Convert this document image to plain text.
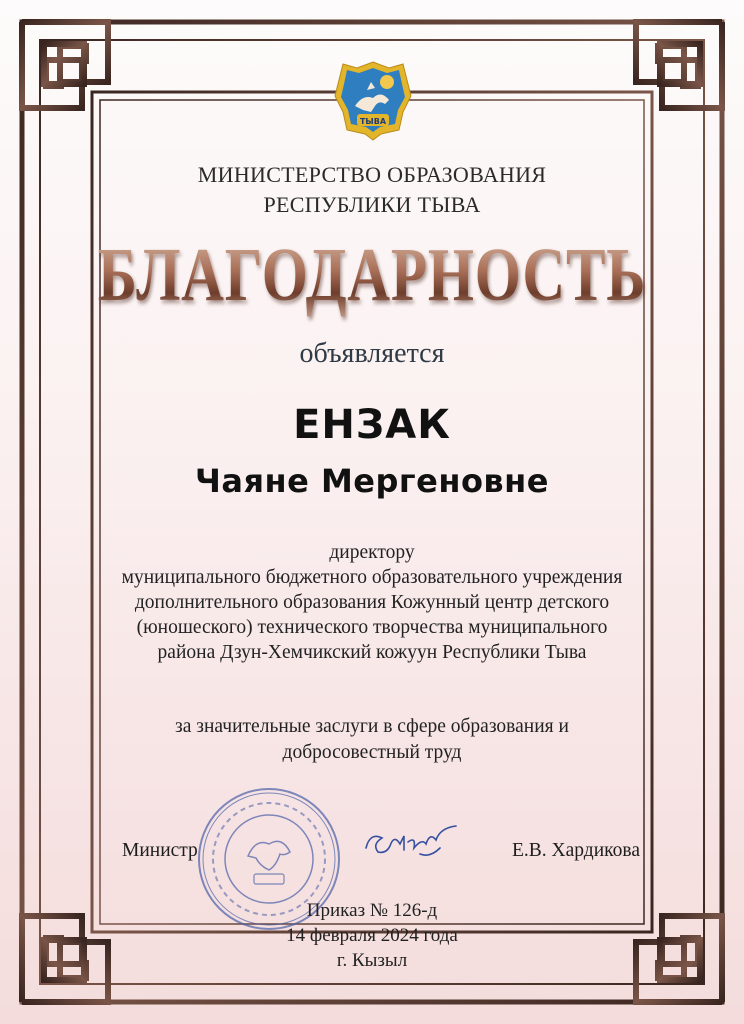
ТЫВА
МИНИСТЕРСТВО ОБРАЗОВАНИЯ
РЕСПУБЛИКИ ТЫВА
БЛАГОДАРНОСТЬ
объявляется
ЕНЗАК
Чаяне Мергеновне
директору
муниципального бюджетного образовательного учреждения
дополнительного образования Кожунный центр детского
(юношеского) технического творчества муниципального
района Дзун-Хемчикский кожуун Республики Тыва
за значительные заслуги в сфере образования и
добросовестный труд
Министр	Е.В. Хардикова
Приказ № 126-д
14 февраля 2024 года
г. Кызыл
